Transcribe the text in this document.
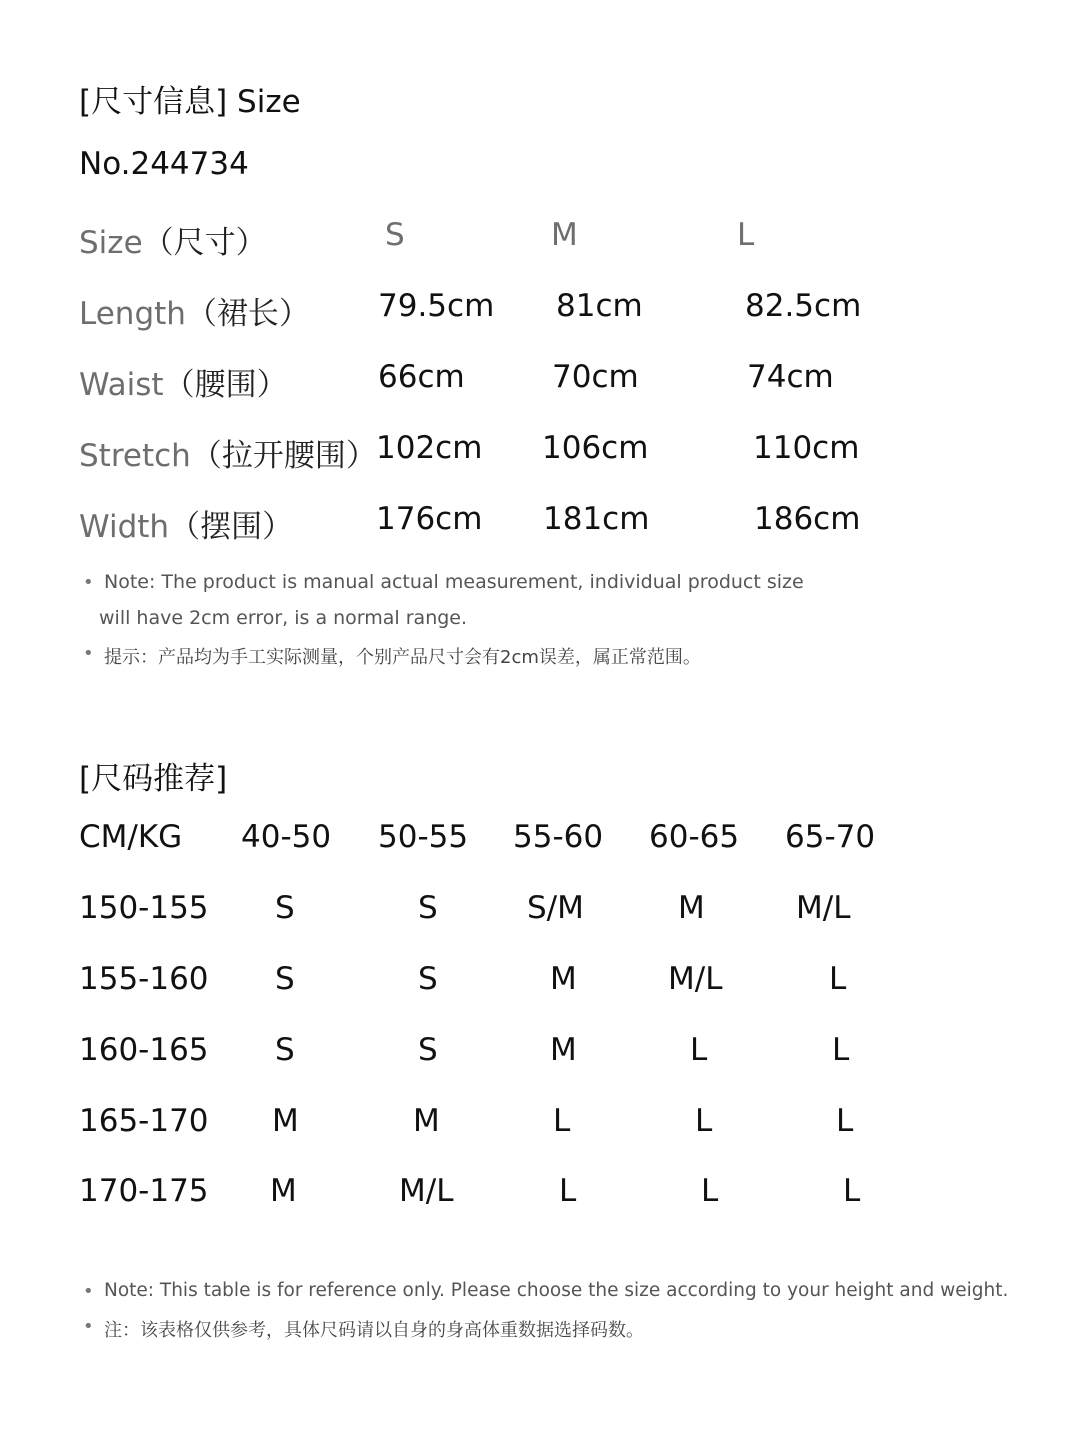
[尺寸信息] Size
No.244734
Size（尺寸）	S	M	L
Length（裙长） 79.5cm 81cm	82.5cm
Waist（腰围）	66cm	70cm	74cm
Stretch（拉开腰围） 102cm 106cm	110cm
Width（摆围）	176cm 181cm	186cm
• Note: The product is manual actual measurement, individual product size
will have 2cm error, is a normal range.
• 提示：产品均为手工实际测量，个别产品尺寸会有2cm误差，属正常范围。
[尺码推荐]
CM/KG 40-50 50-55 55-60 60-65 65-70
150-155 S	S	S/M	M	M/L
155-160 S	S	M	M/L	L
160-165 S	S	M	L	L
165-170 M	M	L	L	L
170-175 M	M/L	L	L	L
• Note: This table is for reference only. Please choose the size according to your height and weight.
• 注：该表格仅供参考，具体尺码请以自身的身高体重数据选择码数。
